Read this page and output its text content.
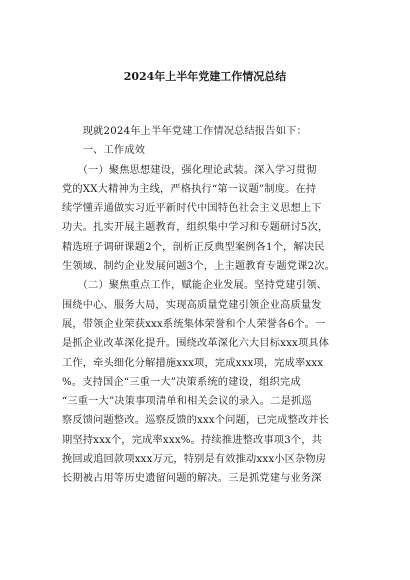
2024年上半年党建工作情况总结
　　现就2024年上半年党建工作情况总结报告如下：
　　一、工作成效
　　（一）聚焦思想建设，强化理论武装。深入学习贯彻
党的XX大精神为主线，严格执行“第一议题”制度。在持
续学懂弄通做实习近平新时代中国特色社会主义思想上下
功夫。扎实开展主题教育，组织集中学习和专题研讨5次，
精选班子调研课题2个，剖析正反典型案例各1个，解决民
生领域、制约企业发展问题3个，上主题教育专题党课2次。
　　（二）聚焦重点工作，赋能企业发展。坚持党建引领、
围绕中心、服务大局，实现高质量党建引领企业高质量发
展，带领企业荣获xxx系统集体荣誉和个人荣誉各6个。一
是抓企业改革深化提升。围绕改革深化六大目标xxx项具体
工作，牵头细化分解措施xxx项，完成xxx项，完成率xxx
%。支持国企“三重一大”决策系统的建设，组织完成
“三重一大”决策事项清单和相关会议的录入。二是抓巡
察反馈问题整改。巡察反馈的xxx个问题，已完成整改并长
期坚持xxx个，完成率xxx%。持续推进整改事项3个，共
挽回或追回款项xxx万元，特别是有效推动xxx小区杂物房
长期被占用等历史遗留问题的解决。三是抓党建与业务深
